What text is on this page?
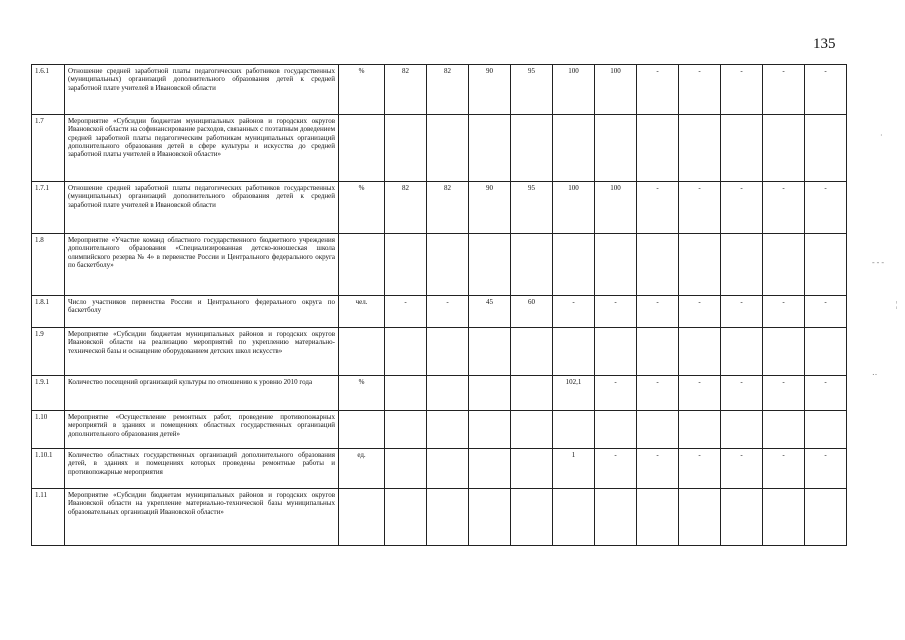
135
1.6.1	Отношение средней заработной платы педагогических работников государственных (муниципальных) организаций дополнительного образования детей к средней заработной плате учителей в Ивановской области	%	82	82	90	95	100	100	-	-	-	-	-
1.7	Мероприятие «Субсидии бюджетам муниципальных районов и городских округов Ивановской области на софинансирование расходов, связанных с поэтапным доведением средней заработной платы педагогическим работникам муниципальных организаций дополнительного образования детей в сфере культуры и искусства до средней заработной платы учителей в Ивановской области»												
1.7.1	Отношение средней заработной платы педагогических работников государственных (муниципальных) организаций дополнительного образования детей к средней заработной плате учителей в Ивановской области	%	82	82	90	95	100	100	-	-	-	-	-
1.8	Мероприятие «Участие команд областного государственного бюджетного учреждения дополнительного образования «Специализированная детско-юношеская школа олимпийского резерва № 4» в первенстве России и Центрального федерального округа по баскетболу»												
1.8.1	Число участников первенства России и Центрального федерального округа по баскетболу	чел.	-	-	45	60	-	-	-	-	-	-	-
1.9	Мероприятие «Субсидии бюджетам муниципальных районов и городских округов Ивановской области на реализацию мероприятий по укреплению материально-технической базы и оснащение оборудованием детских школ искусств»												
1.9.1	Количество посещений организаций культуры по отношению к уровню 2010 года	%					102,1	-	-	-	-	-	-
1.10	Мероприятие «Осуществление ремонтных работ, проведение противопожарных мероприятий в зданиях и помещениях областных государственных организаций дополнительного образования детей»												
1.10.1	Количество областных государственных организаций дополнительного образования детей, в зданиях и помещениях которых проведены ремонтные работы и противопожарные мероприятия	ед.					1	-	-	-	-	-	-
1.11	Мероприятие «Субсидии бюджетам муниципальных районов и городских округов Ивановской области на укрепление материально-технической базы муниципальных образовательных организаций Ивановской области»												
·
- - -
¦
‥
